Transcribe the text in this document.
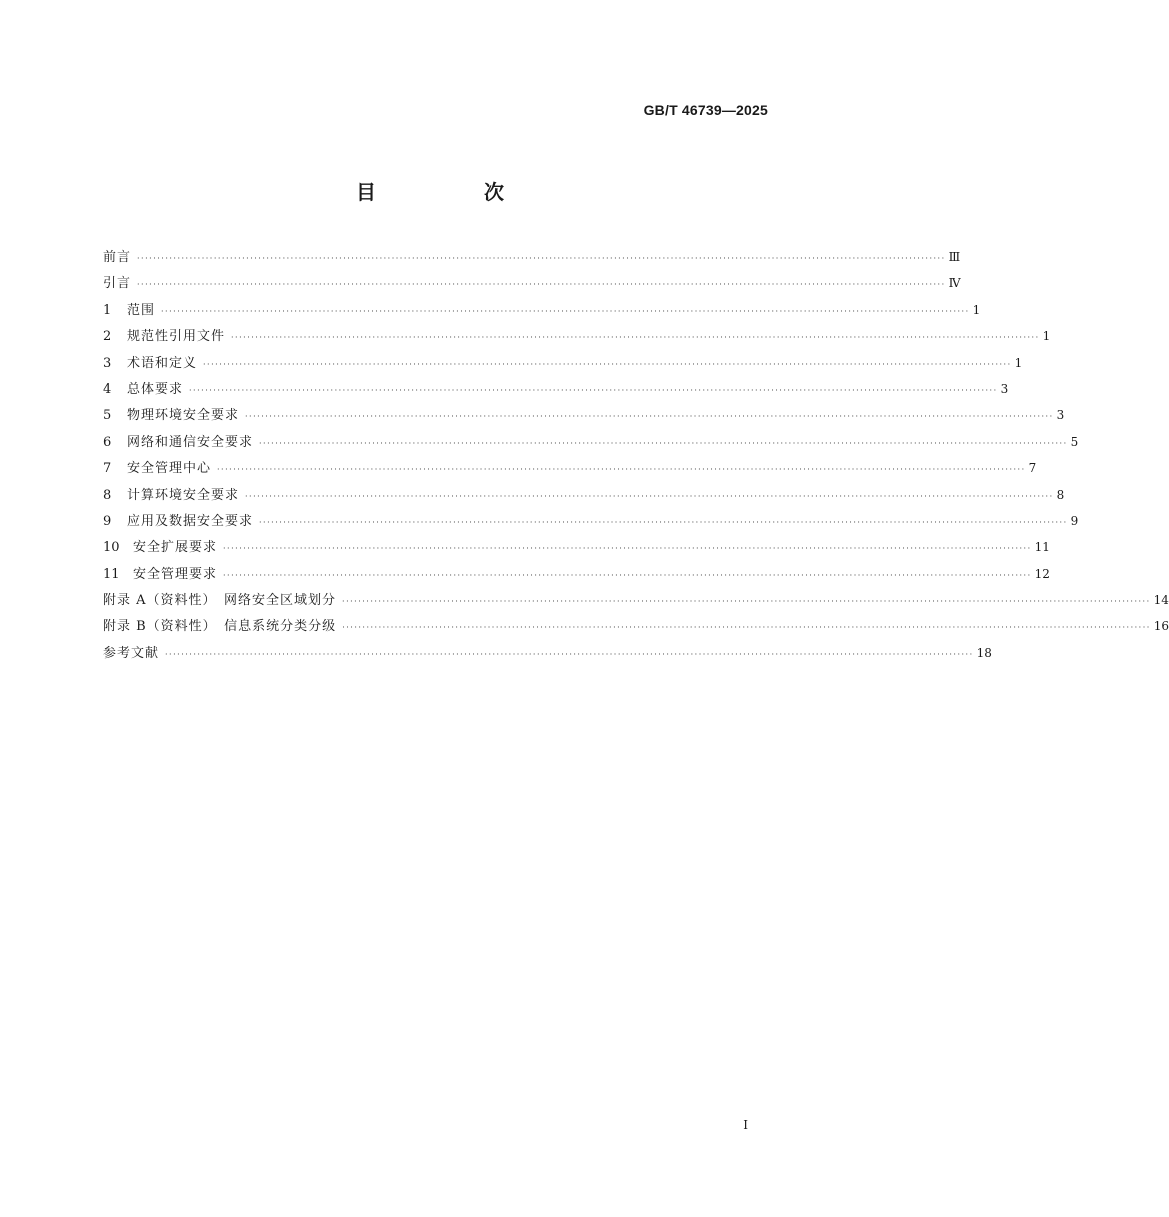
GB/T 46739—2025
目　次
前言 ········································································································································································································ Ⅲ
引言 ········································································································································································································ Ⅳ
1	范围 ········································································································································································································ 1
2	规范性引用文件 ········································································································································································································ 1
3	术语和定义 ········································································································································································································ 1
4	总体要求 ········································································································································································································ 3
5	物理环境安全要求 ········································································································································································································ 3
6	网络和通信安全要求 ········································································································································································································ 5
7	安全管理中心 ········································································································································································································ 7
8	计算环境安全要求 ········································································································································································································ 8
9	应用及数据安全要求 ········································································································································································································ 9
10	安全扩展要求 ········································································································································································································ 11
11	安全管理要求 ········································································································································································································ 12
附录 A（资料性）　网络安全区域划分 ········································································································································································································ 14
附录 B（资料性）　信息系统分类分级 ········································································································································································································ 16
参考文献 ········································································································································································································ 18
I
